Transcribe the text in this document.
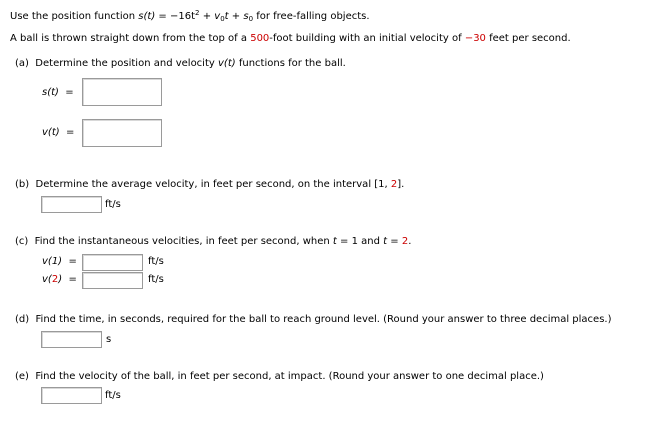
Use the position function $s(t) = -16t^2 + v_0t + s_0$ for free-falling objects.
A ball is thrown straight down from the top of a 500-foot building with an initial velocity of −30 feet per second.
(a) Determine the position and velocity v(t) functions for the ball.
s(t) =
v(t) =
(b) Determine the average velocity, in feet per second, on the interval [1, 2].
ft/s
(c) Find the instantaneous velocities, in feet per second, when t = 1 and t = 2.
v(1) =	ft/s
v(2) =	ft/s
(d) Find the time, in seconds, required for the ball to reach ground level. (Round your answer to three decimal places.)
s
(e) Find the velocity of the ball, in feet per second, at impact. (Round your answer to one decimal place.)
ft/s
